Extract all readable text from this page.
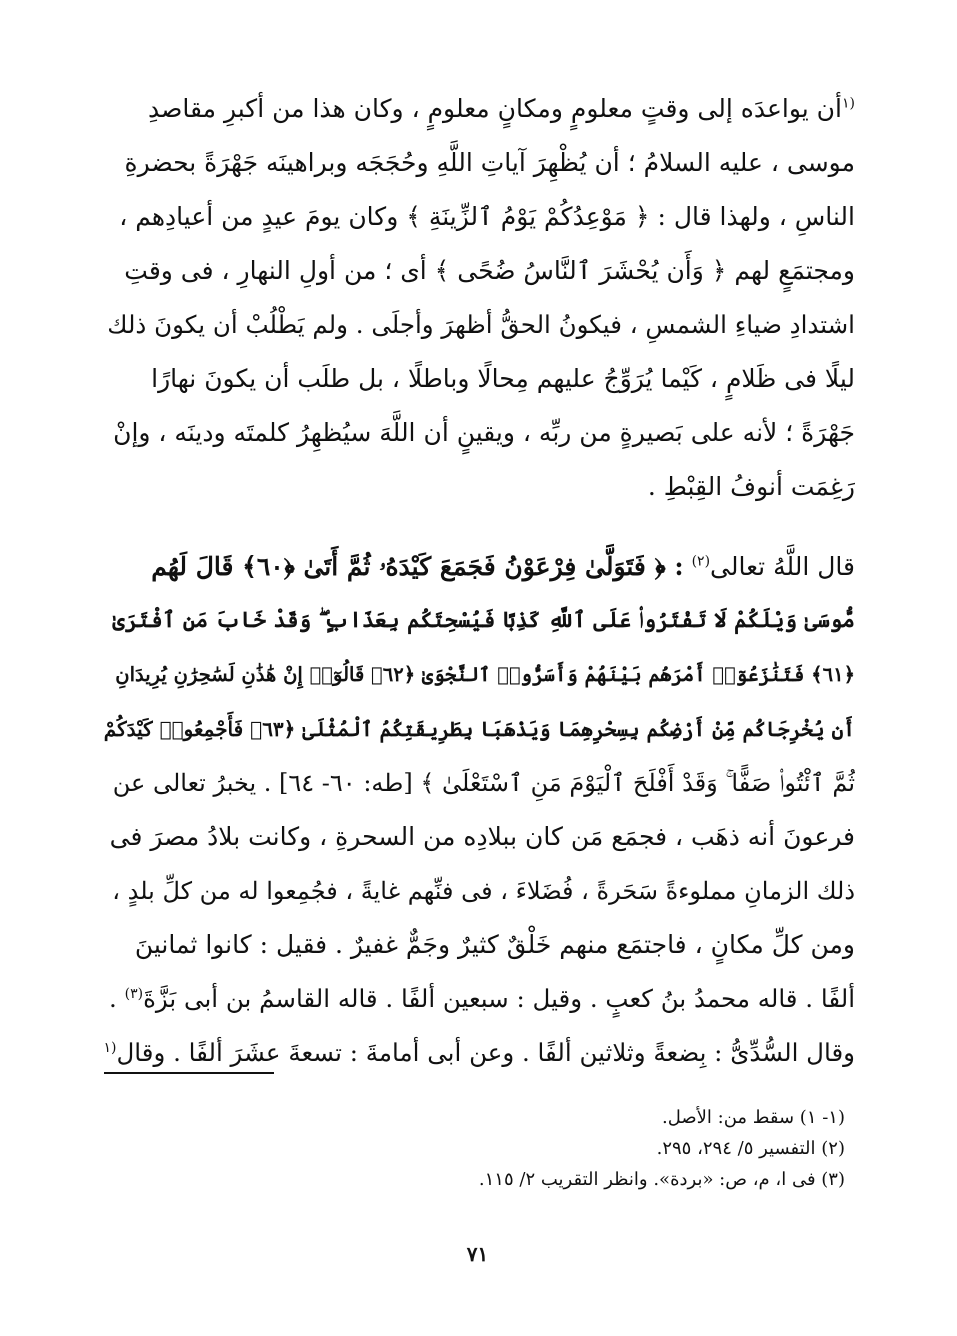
$^{(١}$أن يواعدَه إلى وقتٍ معلومٍ ومكانٍ معلومٍ ، وكان هذا من أكبرِ مقاصدِ
موسى ، عليه السلامُ ؛ أن يُظْهِرَ آياتِ اللَّهِ وحُجَجَه وبراهينَه جَهْرَةً بحضرةِ
الناسِ ، ولهذا قال : ﴿ مَوْعِدُكُمْ يَوْمُ ٱلزِّينَةِ ﴾ وكان يومَ عيدٍ من أعيادِهم ،
ومجتمَعٍ لهم ﴿ وَأَن يُحْشَرَ ٱلنَّاسُ ضُحًى ﴾ أى ؛ من أولِ النهارِ ، فى وقتِ
اشتدادِ ضياءِ الشمسِ ، فيكونُ الحقُّ أظهرَ وأجلَى . ولم يَطْلُبْ أن يكونَ ذلك
ليلًا فى ظَلامٍ ، كَيْما يُرَوِّجُ عليهم مِحالًا وباطلًا ، بل طلَب أن يكونَ نهارًا
جَهْرَةً ؛ لأنه على بَصيرةٍ من ربِّه ، ويقينٍ أن اللَّهَ سيُظهِرُ كلمتَه ودينَه ، وإنْ
رَغِمَت أنوفُ القِبْطِ .
قال اللَّهُ تعالى$^{(٢)}$ : ﴿ فَتَوَلَّىٰ فِرْعَوْنُ فَجَمَعَ كَيْدَهُۥ ثُمَّ أَتَىٰ ﴿٦٠﴾ قَالَ لَهُم
مُّوسَىٰ وَيْلَكُمْ لَا تَفْتَرُوا۟ عَلَى ٱللَّهِ كَذِبًا فَيُسْحِتَكُم بِعَذَابٍ ۖ وَقَدْ خَابَ مَنِ ٱفْتَرَىٰ
﴿٦١﴾ فَتَنَٰزَعُوٓا۟ أَمْرَهُم بَيْنَهُمْ وَأَسَرُّوا۟ ٱلنَّجْوَىٰ ﴿٦٢﴾ قَالُوٓا۟ إِنْ هَٰذَٰنِ لَسَٰحِرَٰنِ يُرِيدَانِ
أَن يُخْرِجَاكُم مِّنْ أَرْضِكُم بِسِحْرِهِمَا وَيَذْهَبَا بِطَرِيقَتِكُمُ ٱلْمُثْلَىٰ ﴿٦٣﴾ فَأَجْمِعُوا۟ كَيْدَكُمْ
ثُمَّ ٱئْتُوا۟ صَفًّا ۚ وَقَدْ أَفْلَحَ ٱلْيَوْمَ مَنِ ٱسْتَعْلَىٰ ﴾ [طه: ٦٠- ٦٤] . يخبرُ تعالى عن
فرعونَ أنه ذهَب ، فجمَع مَن كان ببلادِه من السحرةِ ، وكانت بلادُ مصرَ فى
ذلك الزمانِ مملوءةً سَحَرةً ، فُضَلاءَ ، فى فنِّهم غايةً ، فجُمِعوا له من كلِّ بلدٍ ،
ومن كلِّ مكانٍ ، فاجتمَع منهم خَلْقٌ كثيرٌ وجَمٌّ غفيرٌ . فقيل : كانوا ثمانينَ
ألفًا . قاله محمدُ بنُ كعبٍ . وقيل : سبعين ألفًا . قاله القاسمُ بن أبى بَزَّةَ$^{(٣)}$ .
وقال السُّدِّىُّ : بِضعةً وثلاثين ألفًا . وعن أبى أمامةَ : تسعةَ عشَرَ ألفًا . وقال$^{(١}$
(١- ١) سقط من: الأصل.
(٢) التفسير ٥/ ٢٩٤، ٢٩٥.
(٣) فى ا، م، ص: «بردة». وانظر التقريب ٢/ ١١٥.
٧١
